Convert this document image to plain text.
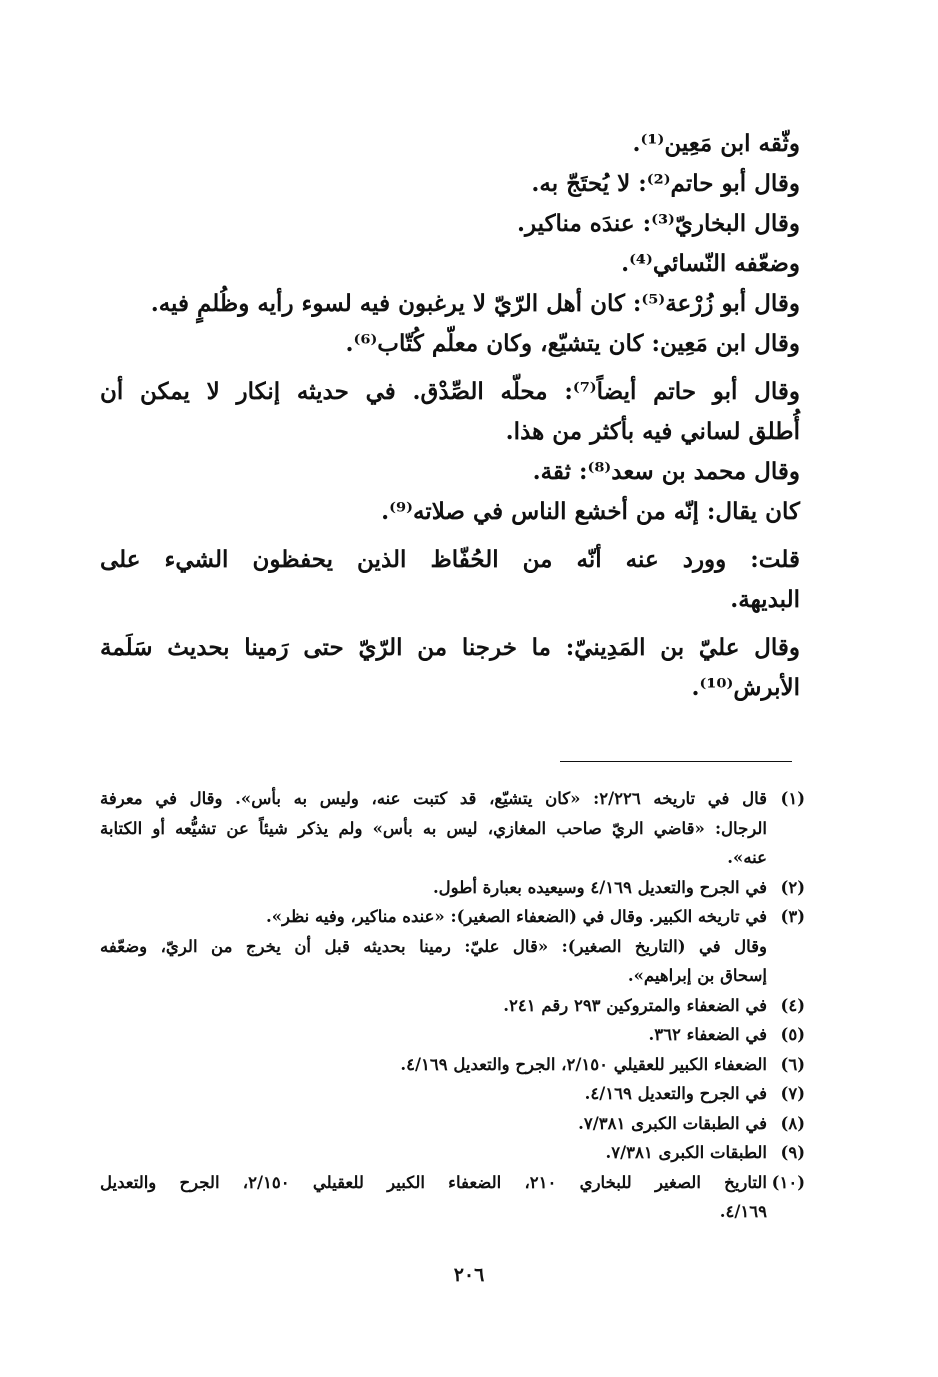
وثّقه ابن مَعِين⁽¹⁾.

وقال أبو حاتم⁽²⁾: لا يُحتَجّ به.

وقال البخاريّ⁽³⁾: عندَه مناكير.

وضعّفه النّسائي⁽⁴⁾.

وقال أبو زُرْعة⁽⁵⁾: كان أهل الرّيّ لا يرغبون فيه لسوء رأيه وظُلمٍ فيه.

وقال ابن مَعِين: كان يتشيّع، وكان معلّم كُتّاب⁽⁶⁾.

وقال أبو حاتم أيضاً⁽⁷⁾: محلّه الصِّدْق. في حديثه إنكار لا يمكن أن

أُطلق لساني فيه بأكثر من هذا.

وقال محمد بن سعد⁽⁸⁾: ثقة.

كان يقال: إنّه من أخشع الناس في صلاته⁽⁹⁾.

قلت: وورد عنه أنّه من الحُفّاظ الذين يحفظون الشيء على

البديهة.

وقال عليّ بن المَدِينيّ: ما خرجنا من الرّيّ حتى رَمينا بحديث سَلَمة

الأبرش⁽¹⁰⁾.

(١)
قال في تاريخه ٢/٢٢٦: «كان يتشيّع، قد كتبت عنه، وليس به بأس». وقال في معرفة
الرجال: «قاضي الريّ صاحب المغازي، ليس به بأس» ولم يذكر شيئاً عن تشيُّعه أو الكتابة
عنه».
(٢)
في الجرح والتعديل ٤/١٦٩ وسيعيده بعبارة أطول.
(٣)
في تاريخه الكبير. وقال في (الضعفاء الصغير): «عنده مناكير، وفيه نظر».
وقال في (التاريخ الصغير): «قال عليّ: رمينا بحديثه قبل أن يخرج من الريّ، وضعّفه
إسحاق بن إبراهيم».
(٤)
في الضعفاء والمتروكين ٢٩٣ رقم ٢٤١.
(٥)
في الضعفاء ٣٦٢.
(٦)
الضعفاء الكبير للعقيلي ٢/١٥٠، الجرح والتعديل ٤/١٦٩.
(٧)
في الجرح والتعديل ٤/١٦٩.
(٨)
في الطبقات الكبرى ٧/٣٨١.
(٩)
الطبقات الكبرى ٧/٣٨١.
(١٠)
التاريخ الصغير للبخاري ٢١٠، الضعفاء الكبير للعقيلي ٢/١٥٠، الجرح والتعديل
٤/١٦٩.
٢٠٦
